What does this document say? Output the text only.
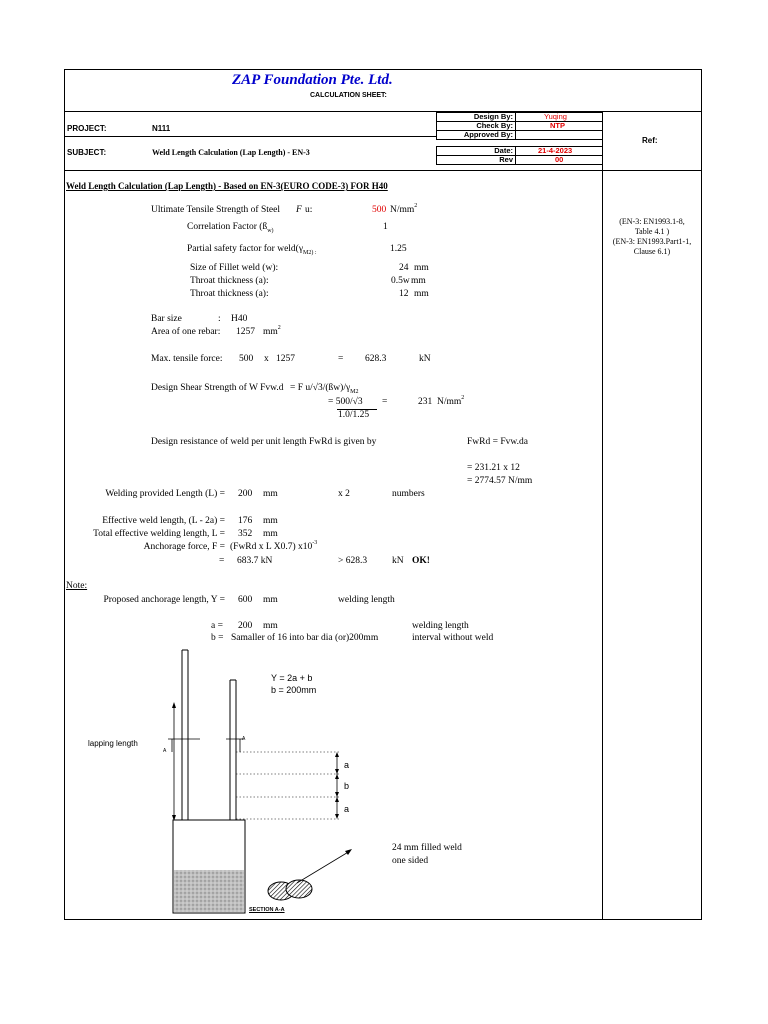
ZAP Foundation Pte. Ltd.
CALCULATION SHEET:
PROJECT:	N111
SUBJECT:	Weld Length Calculation (Lap Length) - EN-3
Design By:	Yuqing
Check By:	NTP
Approved By:
Date:	21-4-2023
Rev	00
Ref:
Weld Length Calculation (Lap Length) - Based on EN-3(EURO CODE-3) FOR H40
Ultimate Tensile Strength of Steel F u:	500 $N/mm^2$
Correlation Factor ($ß_{w)}$	1
Partial safety factor for $weld(\gamma_{M2) :}$	1.25
Size of Fillet weld (w):	24 mm
Throat thickness (a):	0.5w mm
Throat thickness (a):	12 mm
Bar size	: H40
Area of one rebar: 1257 $mm^2$
Max. tensile force: 500 x 1257	= 628.3	kN
Design Shear Strength of W Fvw.d = F $u/√3/(ßw)/\gamma_{M2}$
= 500/√3 =	231 $N/mm^2$
1.0/1.25
Design resistance of weld per unit length FwRd is given by	FwRd = Fvw.da
= 231.21 x 12
= 2774.57 N/mm
Welding provided Length (L) = 200 mm	x 2	numbers
Effective weld length, (L - 2a) = 176 mm
Total effective welding length, L = 352 mm
Anchorage force, F = (FwRd x L X0.7) $x10^{-3}$
= 683.7 kN	> 628.3	kN OK!
Note:
Proposed anchorage length, Y = 600 mm	welding length
a = 200 mm	welding length
b = Samaller of 16 into bar dia (or)200mm	interval without weld
Y = 2a + b
b = 200mm
lapping length
A
A
a
b
a
24 mm filled weld
one sided
SECTION A-A
(EN-3: EN1993.1-8,
Table 4.1 )
(EN-3: EN1993.Part1-1,
Clause 6.1)
